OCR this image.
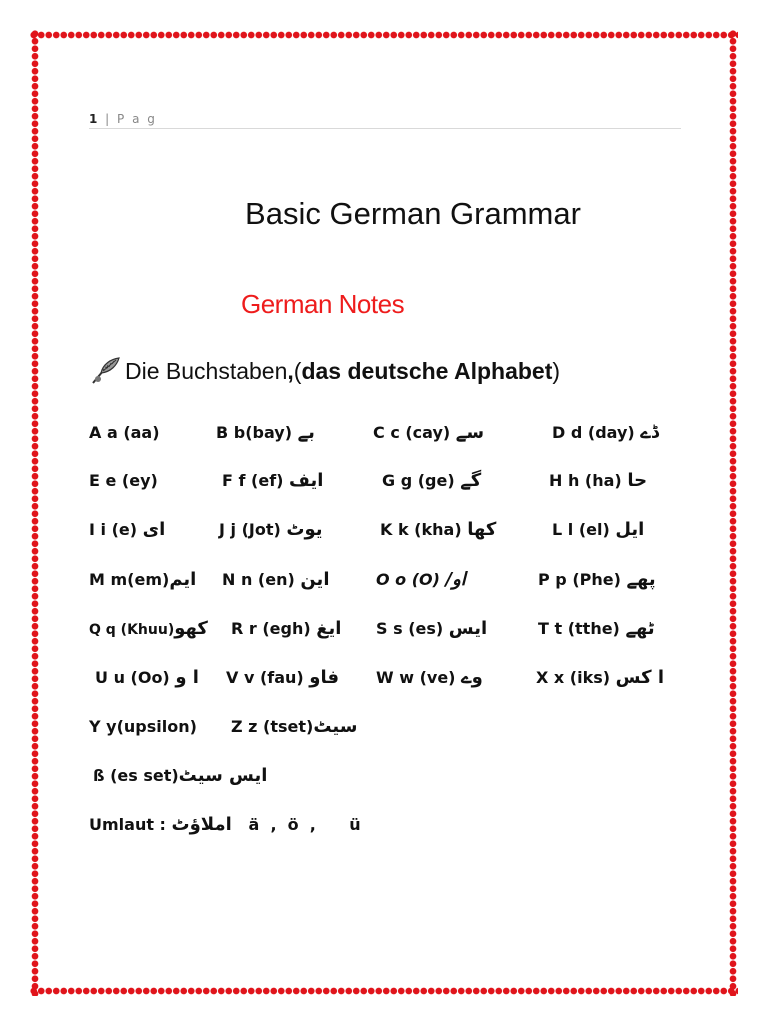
1 | P a g
Basic German Grammar
German Notes
Die Buchstaben , ( das deutsche Alphabet )
A a (aa)	B b(bay) بے	C c (cay) سے	D d (day) ڈے
E e (ey)	F f (ef) ایف	G g (ge) گے	H h (ha) حا
I i (e) ای	J j (Jot) یوٹ	K k (kha) کھا	L l (el) ایل
M m(em)ایم N n (en) این	O o (O) /او	P p (Phe) پھے
Q q (Khuu)کھو R r (egh) ایغ S s (es) ایس	T t (tthe) ٹھے
U u (Oo) ا و V v (fau) فاو W w (ve) وے	X x (iks) ا کس
Y y(upsilon) Z z (tset)سیٹ
ß (es set)ایس سیٹ
Umlaut : املاؤٹ   ä  ,  ö  ,      ü
